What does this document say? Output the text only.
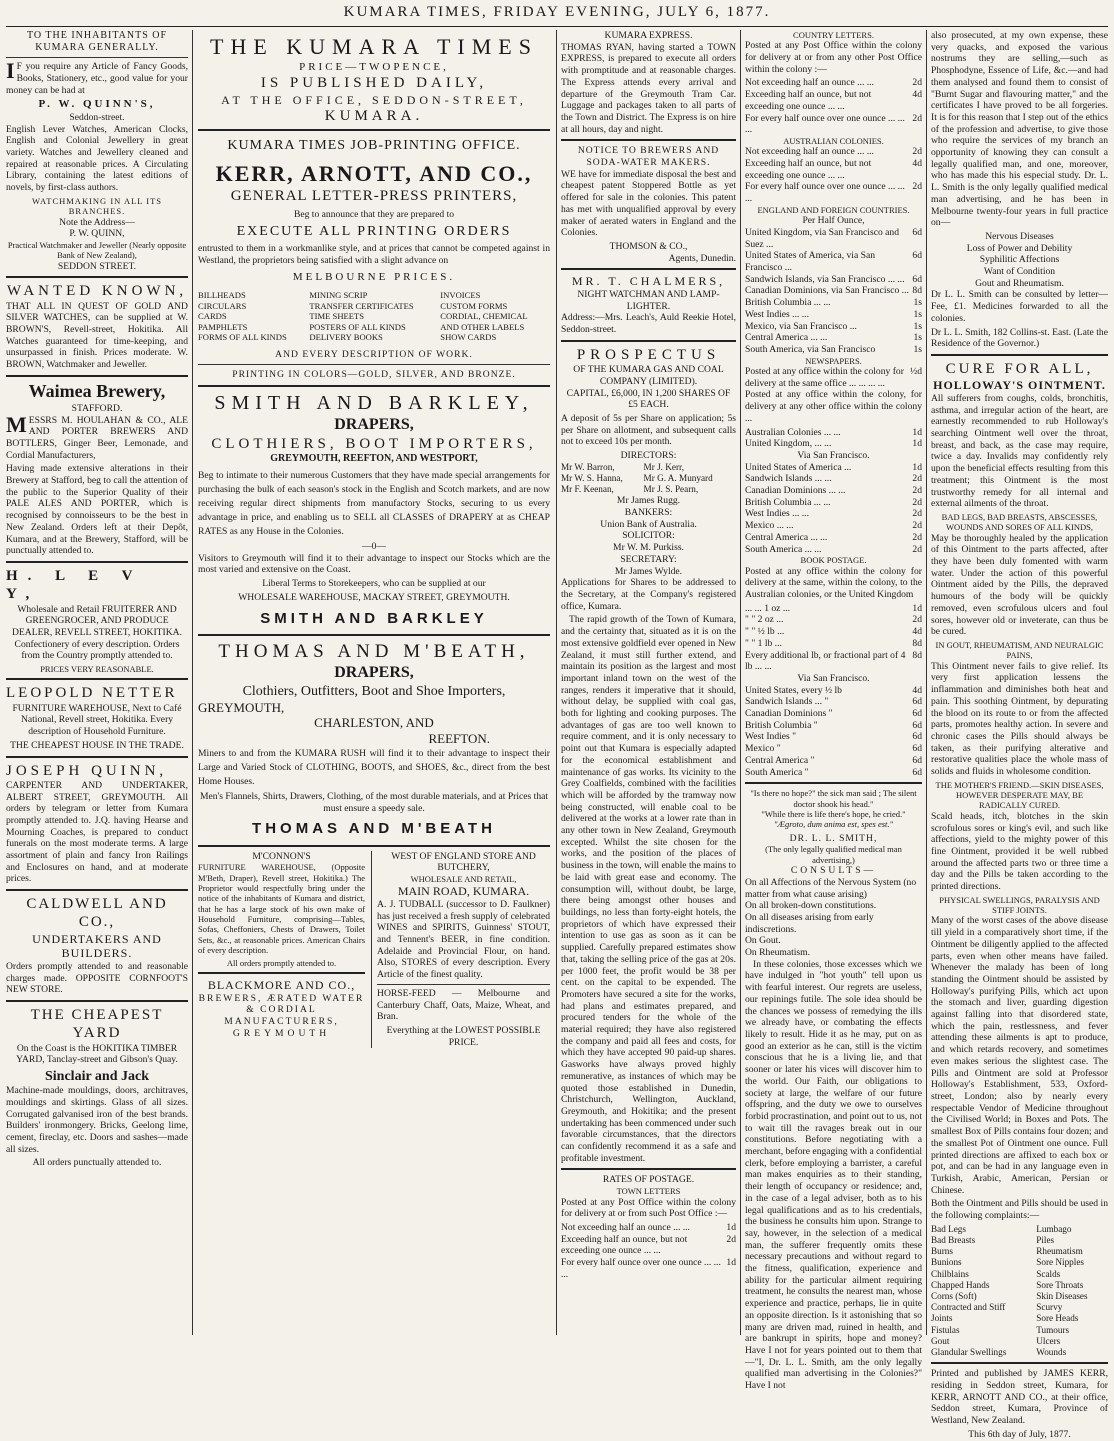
KUMARA TIMES, FRIDAY EVENING, JULY 6, 1877.
TO THE INHABITANTS OF KUMARA GENERALLY.
I F you require any Article of Fancy Goods, Books, Stationery, etc., good value for your money can be had at
P. W. QUINN'S,
Seddon-street.
English Lever Watches, American Clocks, English and Colonial Jewellery in great variety. Watches and Jewellery cleaned and repaired at reasonable prices. A Circulating Library, containing the latest editions of novels, by first-class authors.
WATCHMAKING IN ALL ITS BRANCHES.
Note the Address—
P. W. QUINN,
Practical Watchmaker and Jeweller (Nearly opposite Bank of New Zealand),
SEDDON STREET.
WANTED KNOWN,
THAT ALL IN QUEST OF GOLD AND SILVER WATCHES, can be supplied at W. BROWN'S, Revell-street, Hokitika. All Watches guaranteed for time-keeping, and unsurpassed in finish. Prices moderate. W. BROWN, Watchmaker and Jeweller.
Waimea Brewery,
STAFFORD.
MESSRS M. HOULAHAN & CO., ALE AND PORTER BREWERS AND BOTTLERS, Ginger Beer, Lemonade, and Cordial Manufacturers,
Having made extensive alterations in their Brewery at Stafford, beg to call the attention of the public to the Superior Quality of their PALE ALES AND PORTER, which is recognised by connoisseurs to be the best in New Zealand. Orders left at their Depôt, Kumara, and at the Brewery, Stafford, will be punctually attended to.
H. L E V Y,
Wholesale and Retail FRUITERER AND GREENGROCER, AND PRODUCE DEALER, REVELL STREET, HOKITIKA. Confectionery of every description. Orders from the Country promptly attended to.
PRICES VERY REASONABLE.
LEOPOLD NETTER
FURNITURE WAREHOUSE, Next to Café National, Revell street, Hokitika. Every description of Household Furniture.
THE CHEAPEST HOUSE IN THE TRADE.
JOSEPH QUINN,
CARPENTER AND UNDERTAKER, ALBERT STREET, GREYMOUTH. All orders by telegram or letter from Kumara promptly attended to. J.Q. having Hearse and Mourning Coaches, is prepared to conduct funerals on the most moderate terms. A large assortment of plain and fancy Iron Railings and Enclosures on hand, and at moderate prices.
CALDWELL AND CO.,
UNDERTAKERS AND BUILDERS.
Orders promptly attended to and reasonable charges made. OPPOSITE CORNFOOT'S NEW STORE.
THE CHEAPEST YARD
On the Coast is the HOKITIKA TIMBER YARD, Tanclay-street and Gibson's Quay.
Sinclair and Jack
Machine-made mouldings, doors, architraves, mouldings and skirtings. Glass of all sizes. Corrugated galvanised iron of the best brands. Builders' ironmongery. Bricks, Geelong lime, cement, fireclay, etc. Doors and sashes—made all sizes.
All orders punctually attended to.
THE KUMARA TIMES
PRICE—TWOPENCE,
IS PUBLISHED DAILY,
AT THE OFFICE, SEDDON-STREET,
KUMARA.
KUMARA TIMES JOB-PRINTING OFFICE.
KERR, ARNOTT, AND CO.,
GENERAL LETTER-PRESS PRINTERS,
Beg to announce that they are prepared to
EXECUTE ALL PRINTING ORDERS
entrusted to them in a workmanlike style, and at prices that cannot be competed against in Westland, the proprietors being satisfied with a slight advance on
MELBOURNE PRICES.
BILLHEADS	MINING SCRIP	INVOICES
CIRCULARS	TRANSFER CERTIFICATES	CUSTOM FORMS
CARDS	TIME SHEETS	CORDIAL, CHEMICAL
PAMPHLETS	POSTERS OF ALL KINDS	AND OTHER LABELS
FORMS OF ALL KINDS	DELIVERY BOOKS	SHOW CARDS
AND EVERY DESCRIPTION OF WORK.
PRINTING IN COLORS—GOLD, SILVER, AND BRONZE.
SMITH AND BARKLEY,
DRAPERS,
CLOTHIERS, BOOT IMPORTERS,
GREYMOUTH, REEFTON, AND WESTPORT,
Beg to intimate to their numerous Customers that they have made special arrangements for purchasing the bulk of each season's stock in the English and Scotch markets, and are now receiving regular direct shipments from manufactory Stocks, securing to us every advantage in price, and enabling us to SELL all CLASSES of DRAPERY at as CHEAP RATES as any House in the Colonies.
—0—
Visitors to Greymouth will find it to their advantage to inspect our Stocks which are the most varied and extensive on the Coast.
Liberal Terms to Storekeepers, who can be supplied at our
WHOLESALE WAREHOUSE, MACKAY STREET, GREYMOUTH.
SMITH AND BARKLEY
THOMAS AND M'BEATH,
DRAPERS,
Clothiers, Outfitters, Boot and Shoe Importers,
GREYMOUTH,
CHARLESTON, AND
REEFTON.
Miners to and from the KUMARA RUSH will find it to their advantage to inspect their Large and Varied Stock of CLOTHING, BOOTS, and SHOES, &c., direct from the best Home Houses.
Men's Flannels, Shirts, Drawers, Clothing, of the most durable materials, and at Prices that must ensure a speedy sale.
THOMAS AND M'BEATH
M'CONNON'S
FURNITURE WAREHOUSE, (Opposite M'Beth, Draper), Revell street, Hokitika.) The Proprietor would respectfully bring under the notice of the inhabitants of Kumara and district, that he has a large stock of his own make of Household Furniture, comprising—Tables, Sofas, Cheffoniers, Chests of Drawers, Toilet Sets, &c., at reasonable prices. American Chairs of every description.
All orders promptly attended to.
BLACKMORE AND CO.,
BREWERS, ÆRATED WATER & CORDIAL MANUFACTURERS,
GREYMOUTH
WEST OF ENGLAND STORE AND BUTCHERY,
WHOLESALE AND RETAIL,
MAIN ROAD, KUMARA.
A. J. TUDBALL (successor to D. Faulkner) has just received a fresh supply of celebrated WINES and SPIRITS, Guinness' STOUT, and Tennent's BEER, in fine condition. Adelaide and Provincial Flour, on hand. Also, STORES of every description. Every Article of the finest quality.
HORSE-FEED — Melbourne and Canterbury Chaff, Oats, Maize, Wheat, and Bran.
Everything at the LOWEST POSSIBLE PRICE.
KUMARA EXPRESS.
THOMAS RYAN, having started a TOWN EXPRESS, is prepared to execute all orders with promptitude and at reasonable charges. The Express attends every arrival and departure of the Greymouth Tram Car. Luggage and packages taken to all parts of the Town and District. The Express is on hire at all hours, day and night.
NOTICE TO BREWERS AND SODA-WATER MAKERS.
WE have for immediate disposal the best and cheapest patent Stoppered Bottle as yet offered for sale in the colonies. This patent has met with unqualified approval by every maker of aerated waters in England and the Colonies.
THOMSON & CO.,
Agents, Dunedin.
MR. T. CHALMERS,
NIGHT WATCHMAN AND LAMP-LIGHTER.
Address:—Mrs. Leach's, Auld Reekie Hotel, Seddon-street.
PROSPECTUS
OF THE KUMARA GAS AND COAL COMPANY (LIMITED).
CAPITAL, £6,000, IN 1,200 SHARES OF £5 EACH.
A deposit of 5s per Share on application; 5s per Share on allotment, and subsequent calls not to exceed 10s per month.
DIRECTORS:
Mr W. Barron,	Mr J. Kerr,
Mr W. S. Hanna,	Mr G. A. Munyard
Mr F. Keenan,	Mr J. S. Pearn,
Mr James Rugg.
BANKERS:
Union Bank of Australia.
SOLICITOR:
Mr W. M. Purkiss.
SECRETARY:
Mr James Wylde.
Applications for Shares to be addressed to the Secretary, at the Company's registered office, Kumara.
The rapid growth of the Town of Kumara, and the certainty that, situated as it is on the most extensive goldfield ever opened in New Zealand, it must still further extend, and maintain its position as the largest and most important inland town on the west of the ranges, renders it imperative that it should, without delay, be supplied with coal gas, both for lighting and cooking purposes. The advantages of gas are too well known to require comment, and it is only necessary to point out that Kumara is especially adapted for the economical establishment and maintenance of gas works. Its vicinity to the Grey Coalfields, combined with the facilities which will be afforded by the tramway now being constructed, will enable coal to be delivered at the works at a lower rate than in any other town in New Zealand, Greymouth excepted. Whilst the site chosen for the works, and the position of the places of business in the town, will enable the mains to be laid with great ease and economy. The consumption will, without doubt, be large, there being amongst other houses and buildings, no less than forty-eight hotels, the proprietors of which have expressed their intention to use gas as soon as it can be supplied. Carefully prepared estimates show that, taking the selling price of the gas at 20s. per 1000 feet, the profit would be 38 per cent. on the capital to be expended. The Promoters have secured a site for the works, had plans and estimates prepared, and procured tenders for the whole of the material required; they have also registered the company and paid all fees and costs, for which they have accepted 90 paid-up shares. Gasworks have always proved highly remunerative, as instances of which may be quoted those established in Dunedin, Christchurch, Wellington, Auckland, Greymouth, and Hokitika; and the present undertaking has been commenced under such favorable circumstances, that the directors can confidently recommend it as a safe and profitable investment.
RATES OF POSTAGE.
TOWN LETTERS
Posted at any Post Office within the colony for delivery at or from such Post Office :—
Not exceeding half an ounce ... ...	1d
Exceeding half an ounce, but not exceeding one ounce ... ...
2d
For every half ounce over one ounce ... ... ...
1d
COUNTRY LETTERS.
Posted at any Post Office within the colony for delivery at or from any other Post Office within the colony :—
Not exceeding half an ounce ... ...	2d
Exceeding half an ounce, but not exceeding one ounce ... ...
4d
For every half ounce over one ounce ... ... ...
2d
AUSTRALIAN COLONIES.
Not exceeding half an ounce ... ...	2d
Exceeding half an ounce, but not exceeding one ounce ... ...
4d
For every half ounce over one ounce ... ... ...
2d
ENGLAND AND FOREIGN COUNTRIES.
Per Half Ounce,
United Kingdom, via San Francisco and Suez ...
6d
United States of America, via San Francisco ...
6d
Sandwich Islands, via San Francisco ... ... 6d
Canadian Dominions, via San Francisco ... 8d
British Columbia ... ...	1s
West Indies ... ...	1s
Mexico, via San Francisco ...	1s
Central America ... ...	1s
South America, via San Francisco	1s
NEWSPAPERS.
Posted at any office within the colony for delivery at the same office ... ... ... ...
½d
Posted at any office within the colony, for delivery at any other office within the colony ...
Australian Colonies ... ...	1d
United Kingdom, ... ...	1d
Via San Francisco.
United States of America ...	1d
Sandwich Islands ... ...	2d
Canadian Dominions ... ...	2d
British Columbia ... ...	2d
West Indies ... ...	2d
Mexico ... ...	2d
Central America ... ...	2d
South America ... ...	2d
BOOK POSTAGE.
Posted at any office within the colony for delivery at the same, within the colony, to the Australian colonies, or the United Kingdom
... ... 1 oz ...	1d
" " 2 oz ...	2d
" " ½ lb ...	4d
" " 1 lb ...	8d
Every additional lb, or fractional part of 4 lb ... ...
8d
Via San Francisco.
United States, every ½ lb	4d
Sandwich Islands ... "	6d
Canadian Dominions "	6d
British Columbia "	6d
West Indies "	6d
Mexico "	6d
Central America "	6d
South America "	6d
"Is there no hope?" the sick man said ; The silent doctor shook his head."
"While there is life there's hope, he cried."
"Ægroto, dum anima est, spes est."
DR. L. L. SMITH,
(The only legally qualified medical man advertising,)
CONSULTS—
On all Affections of the Nervous System (no matter from what cause arising)
On all broken-down constitutions.
On all diseases arising from early indiscretions.
On Gout.
On Rheumatism.
In these colonies, those excesses which we have indulged in "hot youth" tell upon us with fearful interest. Our regrets are useless, our repinings futile. The sole idea should be the chances we possess of remedying the ills we already have, or combating the effects likely to result. Hide it as he may, put on as good an exterior as he can, still is the victim conscious that he is a living lie, and that sooner or later his vices will discover him to the world. Our Faith, our obligations to society at large, the welfare of our future offspring, and the duty we owe to ourselves forbid procrastination, and point out to us, not to wait till the ravages break out in our constitutions. Before negotiating with a merchant, before engaging with a confidential clerk, before employing a barrister, a careful man makes enquiries as to their standing, their length of occupancy or residence; and, in the case of a legal adviser, both as to his legal qualifications and as to his credentials, the business he consults him upon. Strange to say, however, in the selection of a medical man, the sufferer frequently omits these necessary precautions and without regard to the fitness, qualification, experience and ability for the particular ailment requiring treatment, he consults the nearest man, whose experience and practice, perhaps, lie in quite an opposite direction. Is it astonishing that so many are driven mad, ruined in health, and are bankrupt in spirits, hope and money? Have I not for years pointed out to them that—"I, Dr. L. L. Smith, am the only legally qualified man advertising in the Colonies?" Have I not
also prosecuted, at my own expense, these very quacks, and exposed the various nostrums they are selling,—such as Phosphodyne, Essence of Life, &c.—and had them analysed and found them to consist of "Burnt Sugar and flavouring matter," and the certificates I have proved to be all forgeries. It is for this reason that I step out of the ethics of the profession and advertise, to give those who require the services of my branch an opportunity of knowing they can consult a legally qualified man, and one, moreover, who has made this his especial study. Dr. L. L. Smith is the only legally qualified medical man advertising, and he has been in Melbourne twenty-four years in full practice on—
Nervous Diseases
Loss of Power and Debility
Syphilitic Affections
Want of Condition
Gout and Rheumatism.
Dr L. L. Smith can be consulted by letter—Fee, £1. Medicines forwarded to all the colonies.
Dr L. L. Smith, 182 Collins-st. East. (Late the Residence of the Governor.)
CURE FOR ALL,
HOLLOWAY'S OINTMENT.
All sufferers from coughs, colds, bronchitis, asthma, and irregular action of the heart, are earnestly recommended to rub Holloway's searching Ointment well over the throat, breast, and back, as the case may require, twice a day. Invalids may confidently rely upon the beneficial effects resulting from this treatment; this Ointment is the most trustworthy remedy for all internal and external ailments of the throat.
BAD LEGS, BAD BREASTS, ABSCESSES, WOUNDS AND SORES OF ALL KINDS,
May be thoroughly healed by the application of this Ointment to the parts affected, after they have been duly fomented with warm water. Under the action of this powerful Ointment aided by the Pills, the depraved humours of the body will be quickly removed, even scrofulous ulcers and foul sores, however old or inveterate, can thus be be cured.
IN GOUT, RHEUMATISM, AND NEURALGIC PAINS,
This Ointment never fails to give relief. Its very first application lessens the inflammation and diminishes both heat and pain. This soothing Ointment, by depurating the blood on its route to or from the affected parts, promotes healthy action. In severe and chronic cases the Pills should always be taken, as their purifying alterative and restorative qualities place the whole mass of solids and fluids in wholesome condition.
THE MOTHER'S FRIEND.—SKIN DISEASES, HOWEVER DESPERATE MAY, BE RADICALLY CURED.
Scald heads, itch, blotches in the skin scrofulous sores or king's evil, and such like affections, yield to the mighty power of this fine Ointment, provided it be well rubbed around the affected parts two or three time a day and the Pills be taken according to the printed directions.
PHYSICAL SWELLINGS, PARALYSIS AND STIFF JOINTS.
Many of the worst cases of the above disease till yield in a comparatively short time, if the Ointment be diligently applied to the affected parts, even when other means have failed. Whenever the malady has been of long standing the Ointment should be assisted by Holloway's purifying Pills, which act upon the stomach and liver, guarding digestion against falling into that disordered state, which the pain, restlessness, and fever attending these ailments is apt to produce, and which retards recovery, and sometimes even makes serious the slightest case. The Pills and Ointment are sold at Professor Holloway's Establishment, 533, Oxford-street, London; also by nearly every respectable Vendor of Medicine throughout the Civilised World; in Boxes and Pots. The smallest Box of Pills contains four dozen; and the smallest Pot of Ointment one ounce. Full printed directions are affixed to each box or pot, and can be had in any language even in Turkish, Arabic, American, Persian or Chinese.
Both the Ointment and Pills should be used in the following complaints:—
Bad Legs	Lumbago
Bad Breasts	Piles
Burns	Rheumatism
Bunions	Sore Nipples
Chilblains	Scalds
Chapped Hands	Sore Throats
Corns (Soft)	Skin Diseases
Contracted and Stiff	Scurvy
Joints	Sore Heads
Fistulas	Tumours
Gout	Ulcers
Glandular Swellings	Wounds
Printed and published by JAMES KERR, residing in Seddon street, Kumara, for KERR, ARNOTT AND CO., at their office, Seddon street, Kumara, Province of Westland, New Zealand.
This 6th day of July, 1877.
